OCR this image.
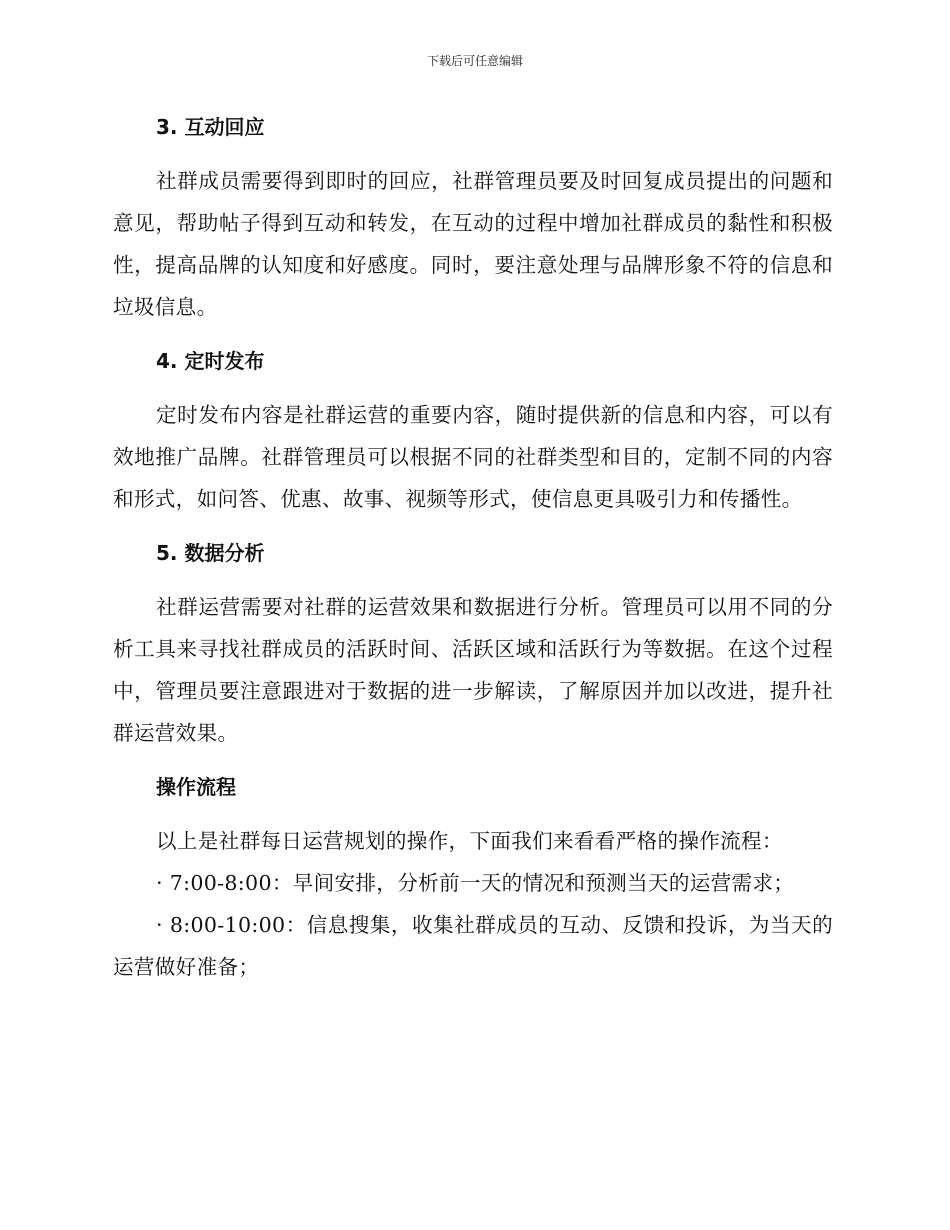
下载后可任意编辑
3. 互动回应

社群成员需要得到即时的回应，社群管理员要及时回复成员提出的问题和意见，帮助帖子得到互动和转发，在互动的过程中增加社群成员的黏性和积极性，提高品牌的认知度和好感度。同时，要注意处理与品牌形象不符的信息和垃圾信息。

4. 定时发布

定时发布内容是社群运营的重要内容，随时提供新的信息和内容，可以有效地推广品牌。社群管理员可以根据不同的社群类型和目的，定制不同的内容和形式，如问答、优惠、故事、视频等形式，使信息更具吸引力和传播性。

5. 数据分析

社群运营需要对社群的运营效果和数据进行分析。管理员可以用不同的分析工具来寻找社群成员的活跃时间、活跃区域和活跃行为等数据。在这个过程中，管理员要注意跟进对于数据的进一步解读，了解原因并加以改进，提升社群运营效果。

操作流程

以上是社群每日运营规划的操作，下面我们来看看严格的操作流程：

· 7:00-8:00：早间安排，分析前一天的情况和预测当天的运营需求；

· 8:00-10:00：信息搜集，收集社群成员的互动、反馈和投诉，为当天的运营做好准备；
